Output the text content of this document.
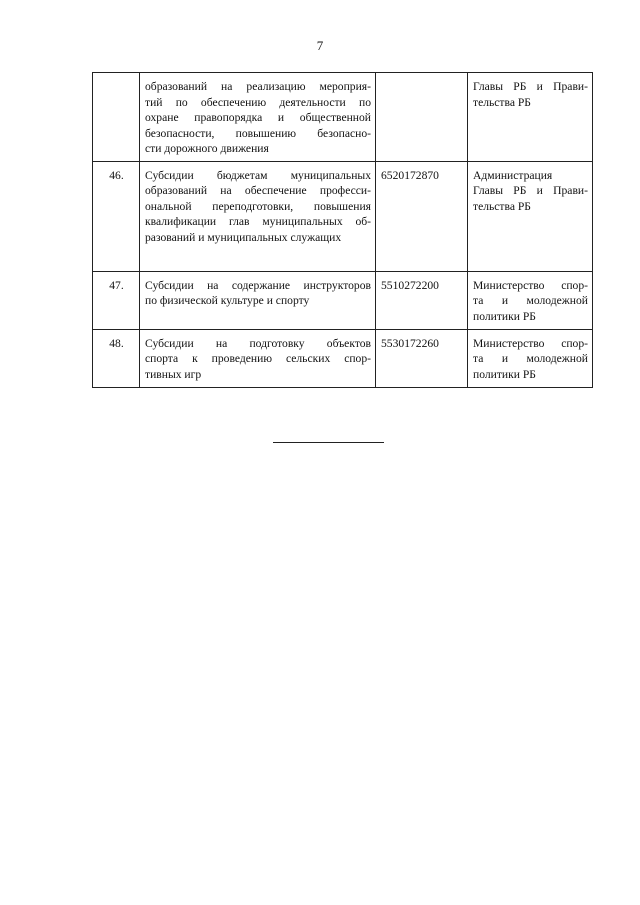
7

	образований на реализацию мероприя-
тий по обеспечению деятельности по
охране правопорядка и общественной
безопасности, повышению безопасно-
сти дорожного движения		Главы РБ и Прави-
тельства РБ

46.	Субсидии бюджетам муниципальных
образований на обеспечение професси-
ональной переподготовки, повышения
квалификации глав муниципальных об-
разований и муниципальных служащих	6520172870	Администрация
Главы РБ и Прави-
тельства РБ

47.	Субсидии на содержание инструкторов
по физической культуре и спорту	5510272200	Министерство спор-
та и молодежной
политики РБ

48.	Субсидии на подготовку объектов
спорта к проведению сельских спор-
тивных игр	5530172260	Министерство спор-
та и молодежной
политики РБ
